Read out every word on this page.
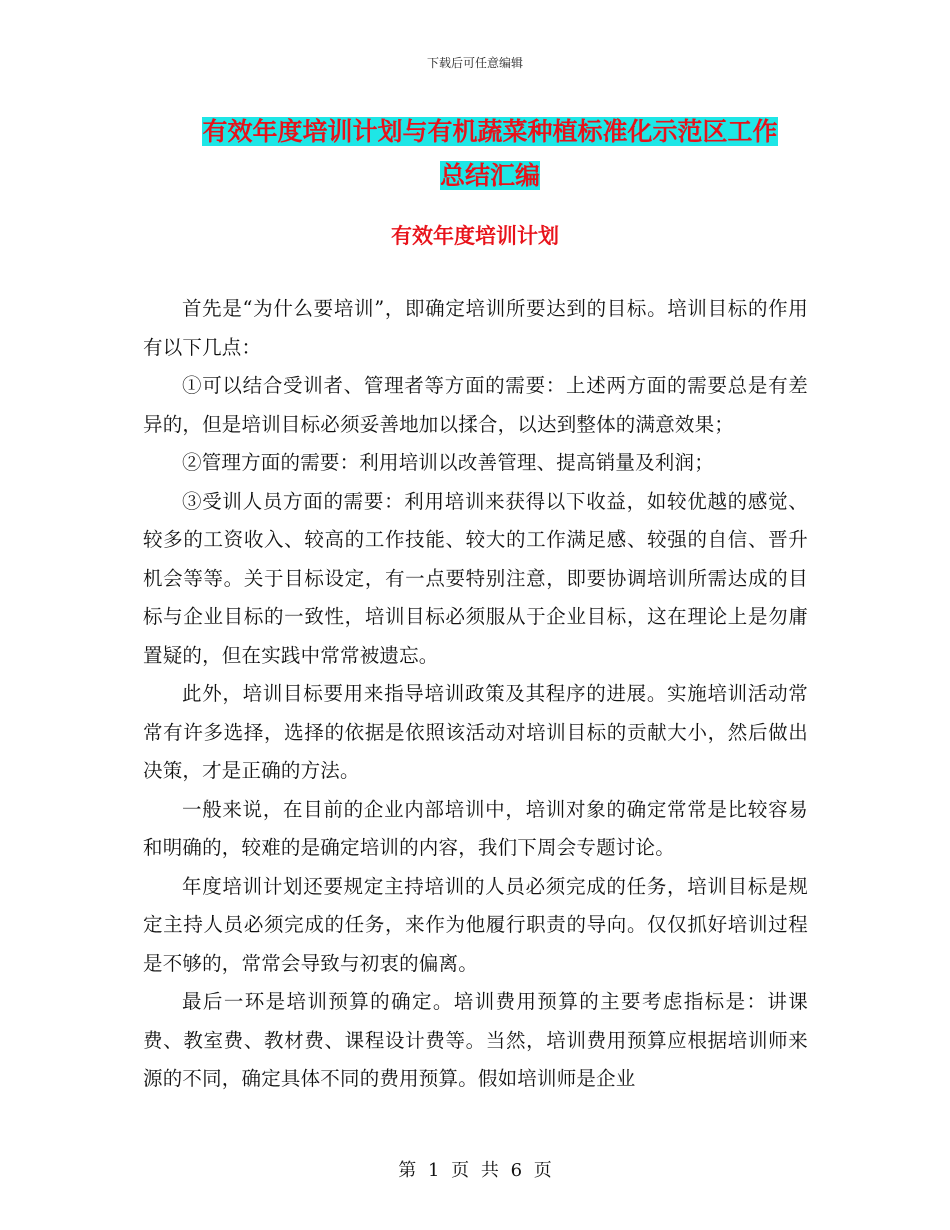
下载后可任意编辑
有效年度培训计划与有机蔬菜种植标准化示范区工作
总结汇编
有效年度培训计划

首先是“为什么要培训”，即确定培训所要达到的目标。培训目标的作用有以下几点：

①可以结合受训者、管理者等方面的需要：上述两方面的需要总是有差异的，但是培训目标必须妥善地加以揉合，以达到整体的满意效果；

②管理方面的需要：利用培训以改善管理、提高销量及利润；

③受训人员方面的需要：利用培训来获得以下收益，如较优越的感觉、较多的工资收入、较高的工作技能、较大的工作满足感、较强的自信、晋升机会等等。关于目标设定，有一点要特别注意，即要协调培训所需达成的目标与企业目标的一致性，培训目标必须服从于企业目标，这在理论上是勿庸置疑的，但在实践中常常被遗忘。

此外，培训目标要用来指导培训政策及其程序的进展。实施培训活动常常有许多选择，选择的依据是依照该活动对培训目标的贡献大小，然后做出决策，才是正确的方法。

一般来说，在目前的企业内部培训中，培训对象的确定常常是比较容易和明确的，较难的是确定培训的内容，我们下周会专题讨论。

年度培训计划还要规定主持培训的人员必须完成的任务，培训目标是规定主持人员必须完成的任务，来作为他履行职责的导向。仅仅抓好培训过程是不够的，常常会导致与初衷的偏离。

最后一环是培训预算的确定。培训费用预算的主要考虑指标是：讲课费、教室费、教材费、课程设计费等。当然，培训费用预算应根据培训师来源的不同，确定具体不同的费用预算。假如培训师是企业

第 1 页 共 6 页
